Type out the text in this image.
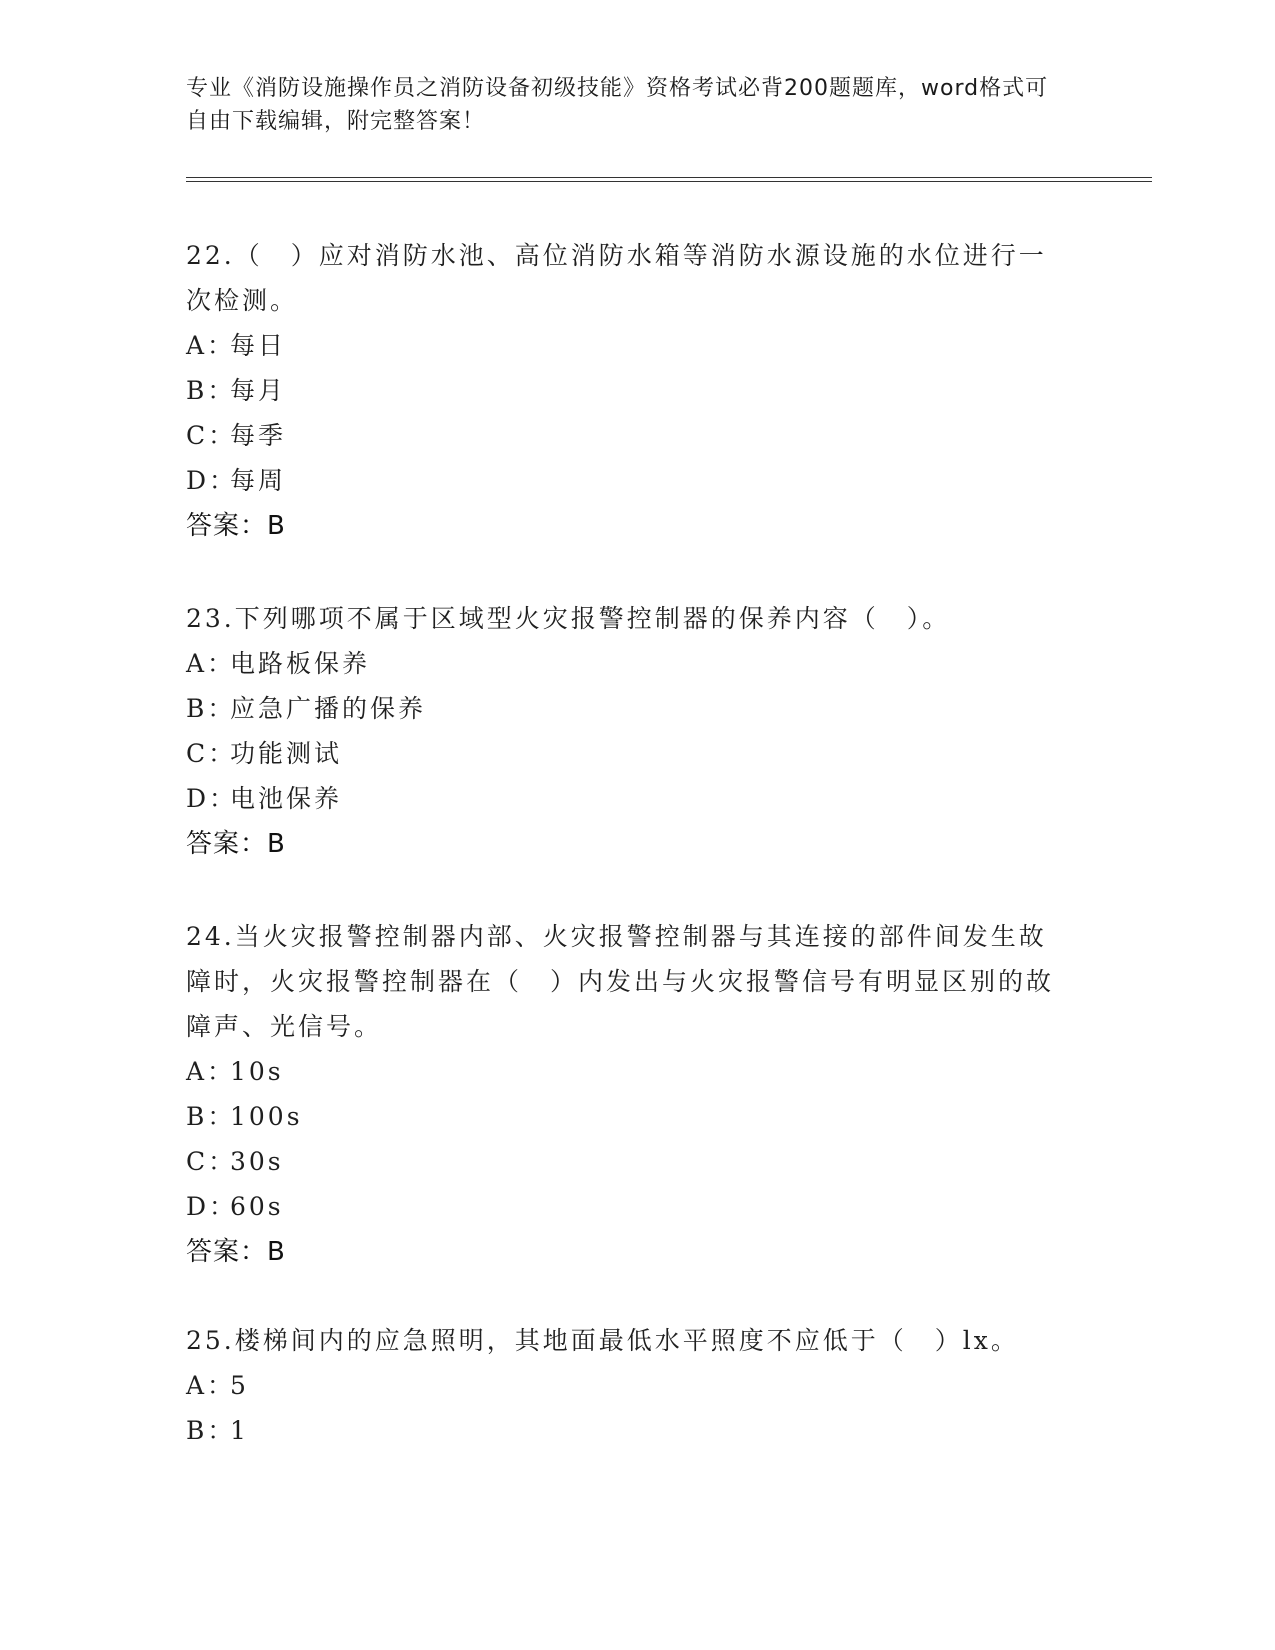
专业《消防设施操作员之消防设备初级技能》资格考试必背200题题库，word格式可自由下载编辑，附完整答案！
22.（　）应对消防水池、高位消防水箱等消防水源设施的水位进行一次检测。
A：每日
B：每月
C：每季
D：每周
答案：B
23.下列哪项不属于区域型火灾报警控制器的保养内容（　）。
A：电路板保养
B：应急广播的保养
C：功能测试
D：电池保养
答案：B
24.当火灾报警控制器内部、火灾报警控制器与其连接的部件间发生故障时，火灾报警控制器在（　）内发出与火灾报警信号有明显区别的故障声、光信号。
A：10s
B：100s
C：30s
D：60s
答案：B
25.楼梯间内的应急照明，其地面最低水平照度不应低于（　）lx。
A：5
B：1
